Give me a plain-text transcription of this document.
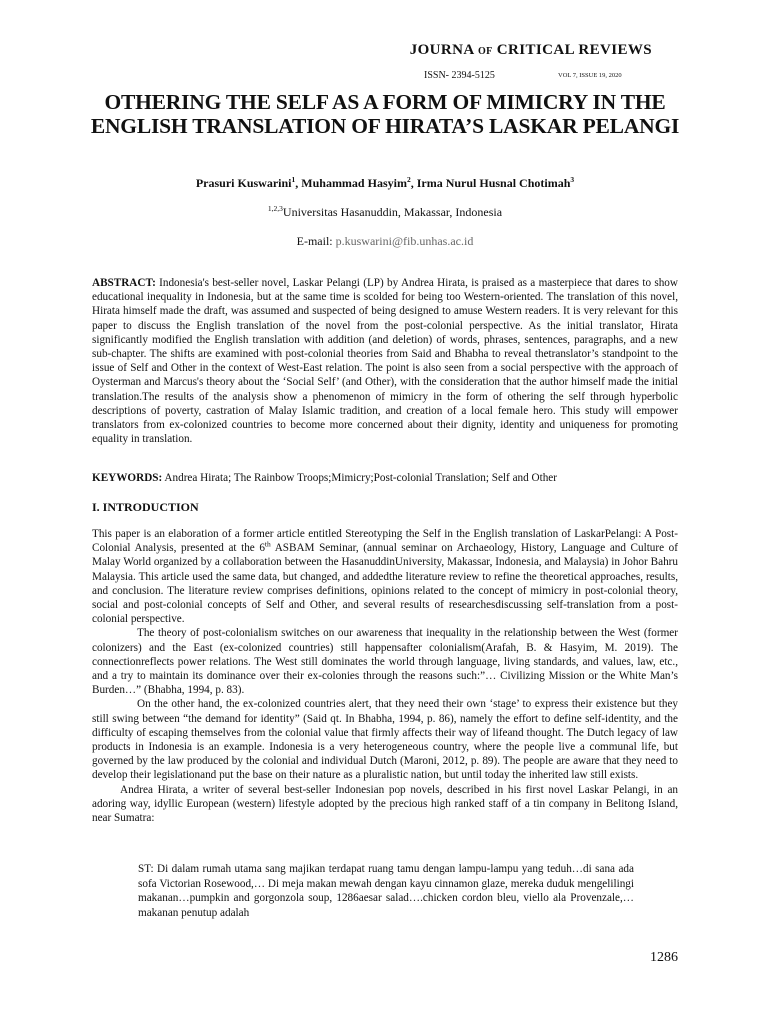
JOURNA OF CRITICAL REVIEWS
ISSN- 2394-5125	VOL 7, ISSUE 19, 2020
OTHERING THE SELF AS A FORM OF MIMICRY IN THE ENGLISH TRANSLATION OF HIRATA’S LASKAR PELANGI
Prasuri Kuswarini$^1$, Muhammad Hasyim$^2$, Irma Nurul Husnal Chotimah$^3$
$^{1,2,3}$Universitas Hasanuddin, Makassar, Indonesia
E-mail: p.kuswarini@fib.unhas.ac.id

ABSTRACT: Indonesia's best-seller novel, Laskar Pelangi (LP) by Andrea Hirata, is praised as a masterpiece that dares to show educational inequality in Indonesia, but at the same time is scolded for being too Western-oriented. The translation of this novel, Hirata himself made the draft, was assumed and suspected of being designed to amuse Western readers. It is very relevant for this paper to discuss the English translation of the novel from the post-colonial perspective. As the initial translator, Hirata significantly modified the English translation with addition (and deletion) of words, phrases, sentences, paragraphs, and a new sub-chapter. The shifts are examined with post-colonial theories from Said and Bhabha to reveal thetranslator’s standpoint to the issue of Self and Other in the context of West-East relation. The point is also seen from a social perspective with the approach of Oysterman and Marcus's theory about the ‘Social Self’ (and Other), with the consideration that the author himself made the initial translation.The results of the analysis show a phenomenon of mimicry in the form of othering the self through hyperbolic descriptions of poverty, castration of Malay Islamic tradition, and creation of a local female hero. This study will empower translators from ex-colonized countries to become more concerned about their dignity, identity and uniqueness for promoting equality in translation.

KEYWORDS: Andrea Hirata; The Rainbow Troops;Mimicry;Post-colonial Translation; Self and Other

I. INTRODUCTION

This paper is an elaboration of a former article entitled Stereotyping the Self in the English translation of LaskarPelangi: A Post-Colonial Analysis, presented at the 6th ASBAM Seminar, (annual seminar on Archaeology, History, Language and Culture of Malay World organized by a collaboration between the HasanuddinUniversity, Makassar, Indonesia, and Malaysia) in Johor Bahru Malaysia. This article used the same data, but changed, and addedthe literature review to refine the theoretical approaches, results, and conclusion. The literature review comprises definitions, opinions related to the concept of mimicry in post-colonial theory, social and post-colonial concepts of Self and Other, and several results of researchesdiscussing self-translation from a post-colonial perspective.

The theory of post-colonialism switches on our awareness that inequality in the relationship between the West (former colonizers) and the East (ex-colonized countries) still happensafter colonialism(Arafah, B. & Hasyim, M. 2019). The connectionreflects power relations. The West still dominates the world through language, living standards, and values, law, etc., and a try to maintain its dominance over their ex-colonies through the reasons such:”… Civilizing Mission or the White Man’s Burden…” (Bhabha, 1994, p. 83).

On the other hand, the ex-colonized countries alert, that they need their own ‘stage’ to express their existence but they still swing between “the demand for identity” (Said qt. In Bhabha, 1994, p. 86), namely the effort to define self-identity, and the difficulty of escaping themselves from the colonial value that firmly affects their way of lifeand thought. The Dutch legacy of law products in Indonesia is an example. Indonesia is a very heterogeneous country, where the people live a communal life, but governed by the law produced by the colonial and individual Dutch (Maroni, 2012, p. 89). The people are aware that they need to develop their legislationand put the base on their nature as a pluralistic nation, but until today the inherited law still exists.

Andrea Hirata, a writer of several best-seller Indonesian pop novels, described in his first novel Laskar Pelangi, in an adoring way, idyllic European (western) lifestyle adopted by the precious high ranked staff of a tin company in Belitong Island, near Sumatra:

ST: Di dalam rumah utama sang majikan terdapat ruang tamu dengan lampu-lampu yang teduh…di sana ada sofa Victorian Rosewood,… Di meja makan mewah dengan kayu cinnamon glaze, mereka duduk mengelilingi makanan…pumpkin and gorgonzola soup, 1286aesar salad….chicken cordon bleu, viello ala Provenzale,… makanan penutup adalah

1286
